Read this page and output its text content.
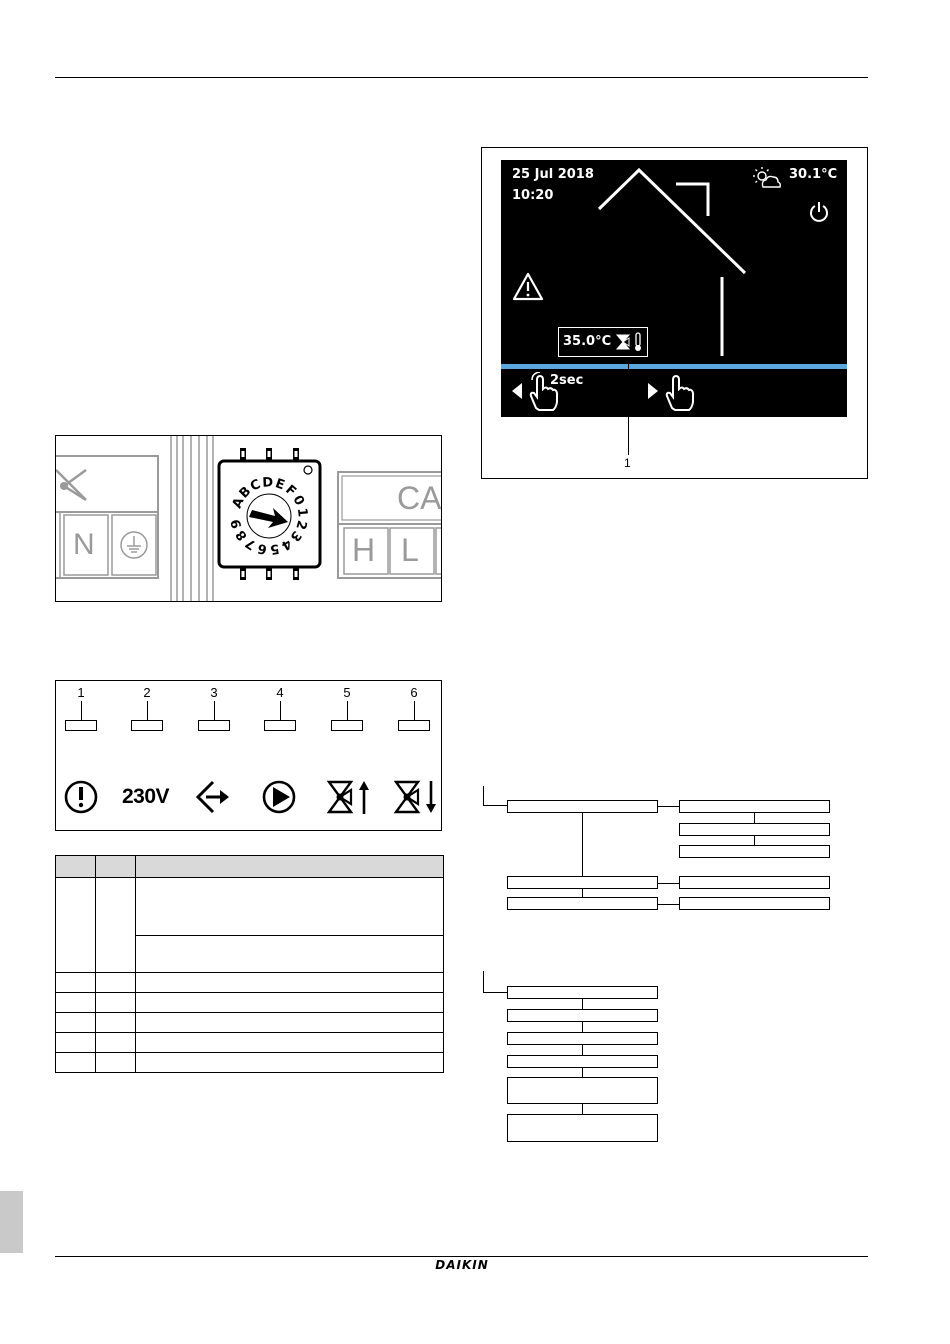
25 Jul 2018
10:20
30.1°C
35.0°C
2sec
1
N
CA
H L
A
B
C D E
F
0
1
2
3
4
5
6
7
8
9
1	2	3	4	5	6
230V

DAIKIN
